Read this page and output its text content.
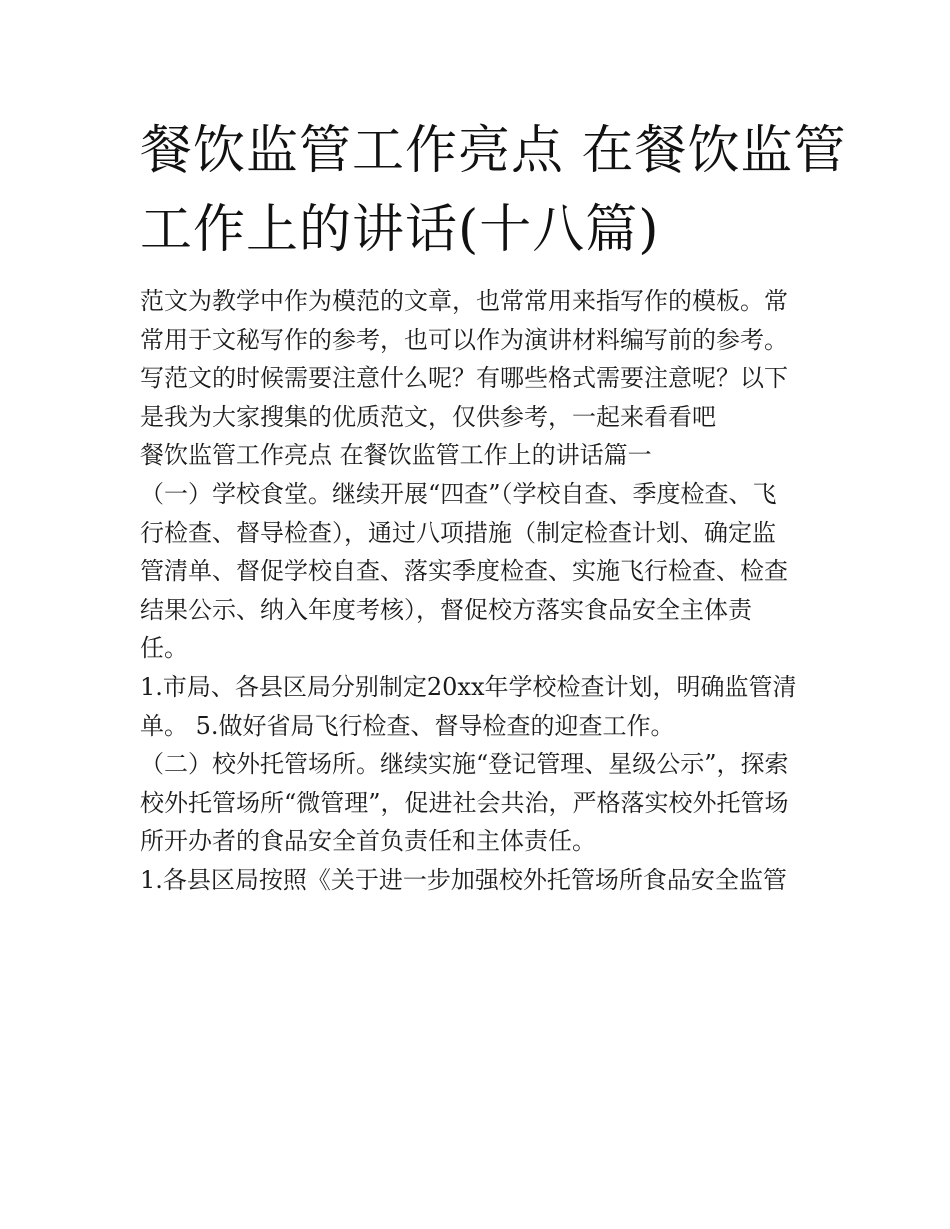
餐饮监管工作亮点 在餐饮监管
工作上的讲话(十八篇)
范文为教学中作为模范的文章，也常常用来指写作的模板。常
常用于文秘写作的参考，也可以作为演讲材料编写前的参考。
写范文的时候需要注意什么呢？有哪些格式需要注意呢？以下
是我为大家搜集的优质范文，仅供参考，一起来看看吧
餐饮监管工作亮点 在餐饮监管工作上的讲话篇一
（一）学校食堂。继续开展“四查”（学校自查、季度检查、飞
行检查、督导检查），通过八项措施（制定检查计划、确定监
管清单、督促学校自查、落实季度检查、实施飞行检查、检查
结果公示、纳入年度考核），督促校方落实食品安全主体责
任。
1.市局、各县区局分别制定20xx年学校检查计划，明确监管清
单。 5.做好省局飞行检查、督导检查的迎查工作。
（二）校外托管场所。继续实施“登记管理、星级公示”，探索
校外托管场所“微管理”，促进社会共治，严格落实校外托管场
所开办者的食品安全首负责任和主体责任。
1.各县区局按照《关于进一步加强校外托管场所食品安全监管
